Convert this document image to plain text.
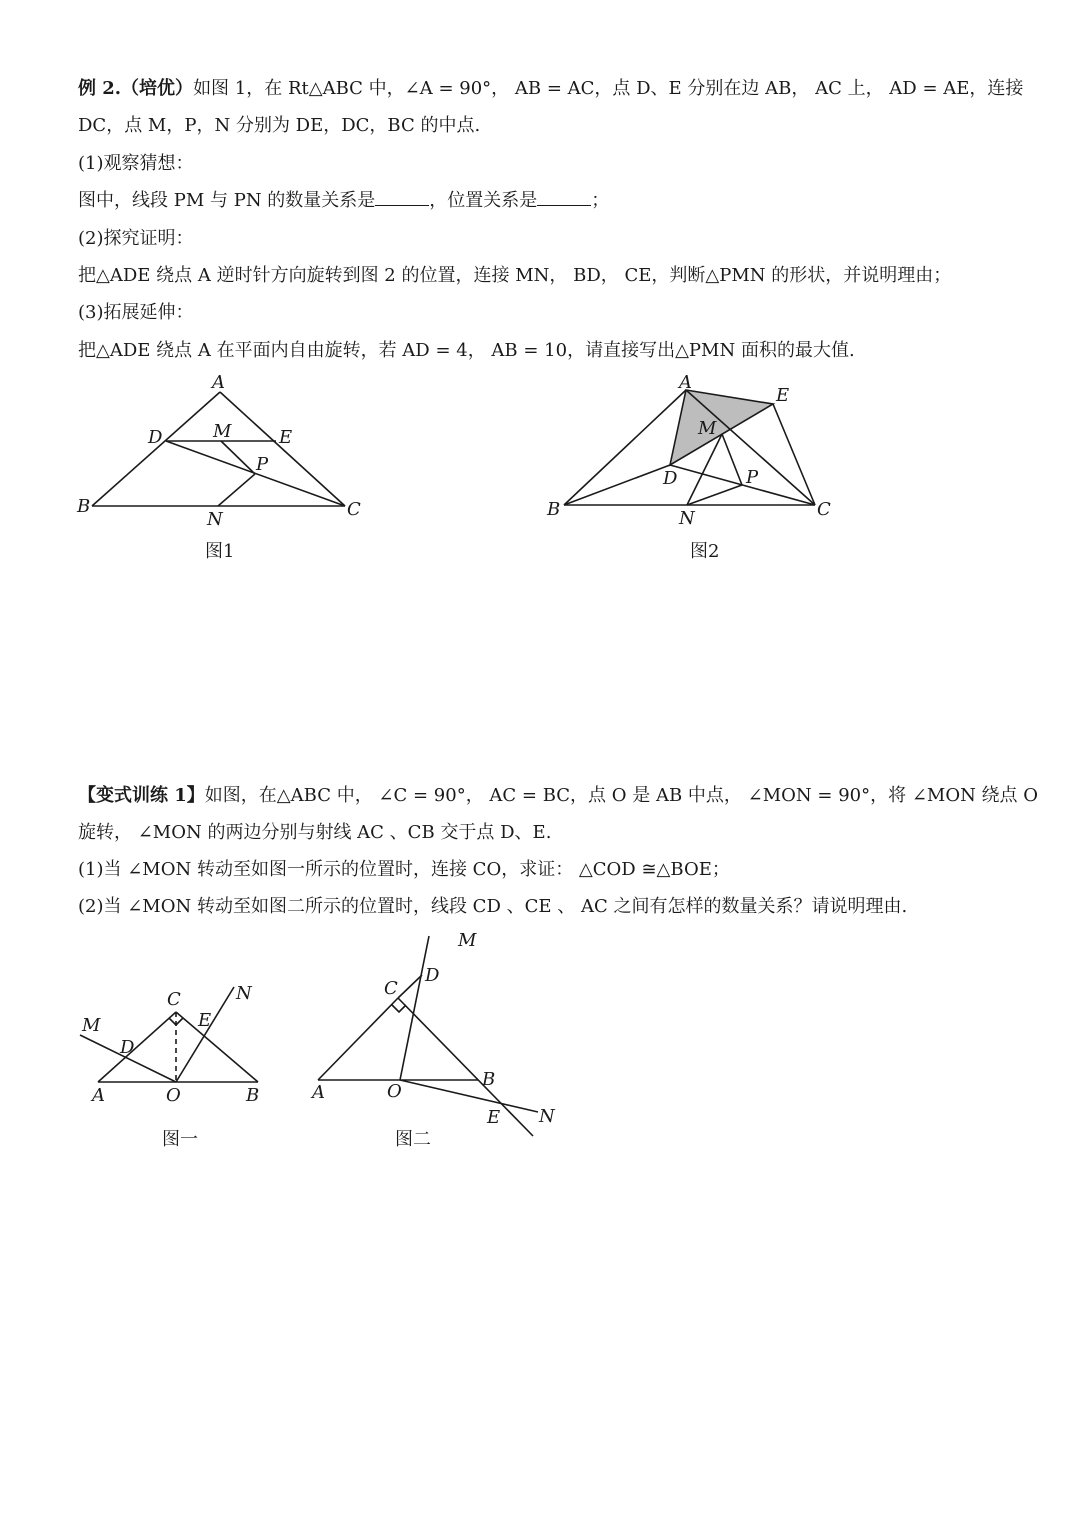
例 2.（培优）如图 1，在 Rt△ABC 中，∠A = 90°， AB = AC，点 D、E 分别在边 AB， AC 上， AD = AE，连接
DC，点 M，P，N 分别为 DE，DC，BC 的中点.
(1)观察猜想：
图中，线段 PM 与 PN 的数量关系是	，位置关系是	；
(2)探究证明：
把△ADE 绕点 A 逆时针方向旋转到图 2 的位置，连接 MN， BD， CE，判断△PMN 的形状，并说明理由；
(3)拓展延伸：
把△ADE 绕点 A 在平面内自由旋转，若 AD = 4， AB = 10，请直接写出△PMN 面积的最大值.
A
B	C
D	E
M
P
N
图1
A
B	C
D
E
M
P
N
图2
【变式训练 1】如图，在△ABC 中， ∠C = 90°， AC = BC，点 O 是 AB 中点， ∠MON = 90°，将 ∠MON 绕点 O
旋转， ∠MON 的两边分别与射线 AC 、CB 交于点 D、E.
(1)当 ∠MON 转动至如图一所示的位置时，连接 CO，求证： △COD ≅△BOE；
(2)当 ∠MON 转动至如图二所示的位置时，线段 CD 、CE 、 AC 之间有怎样的数量关系？请说明理由.
C	N
M	E
D
A	O	B
图一
M
D
C
A	O
B
E N
图二
